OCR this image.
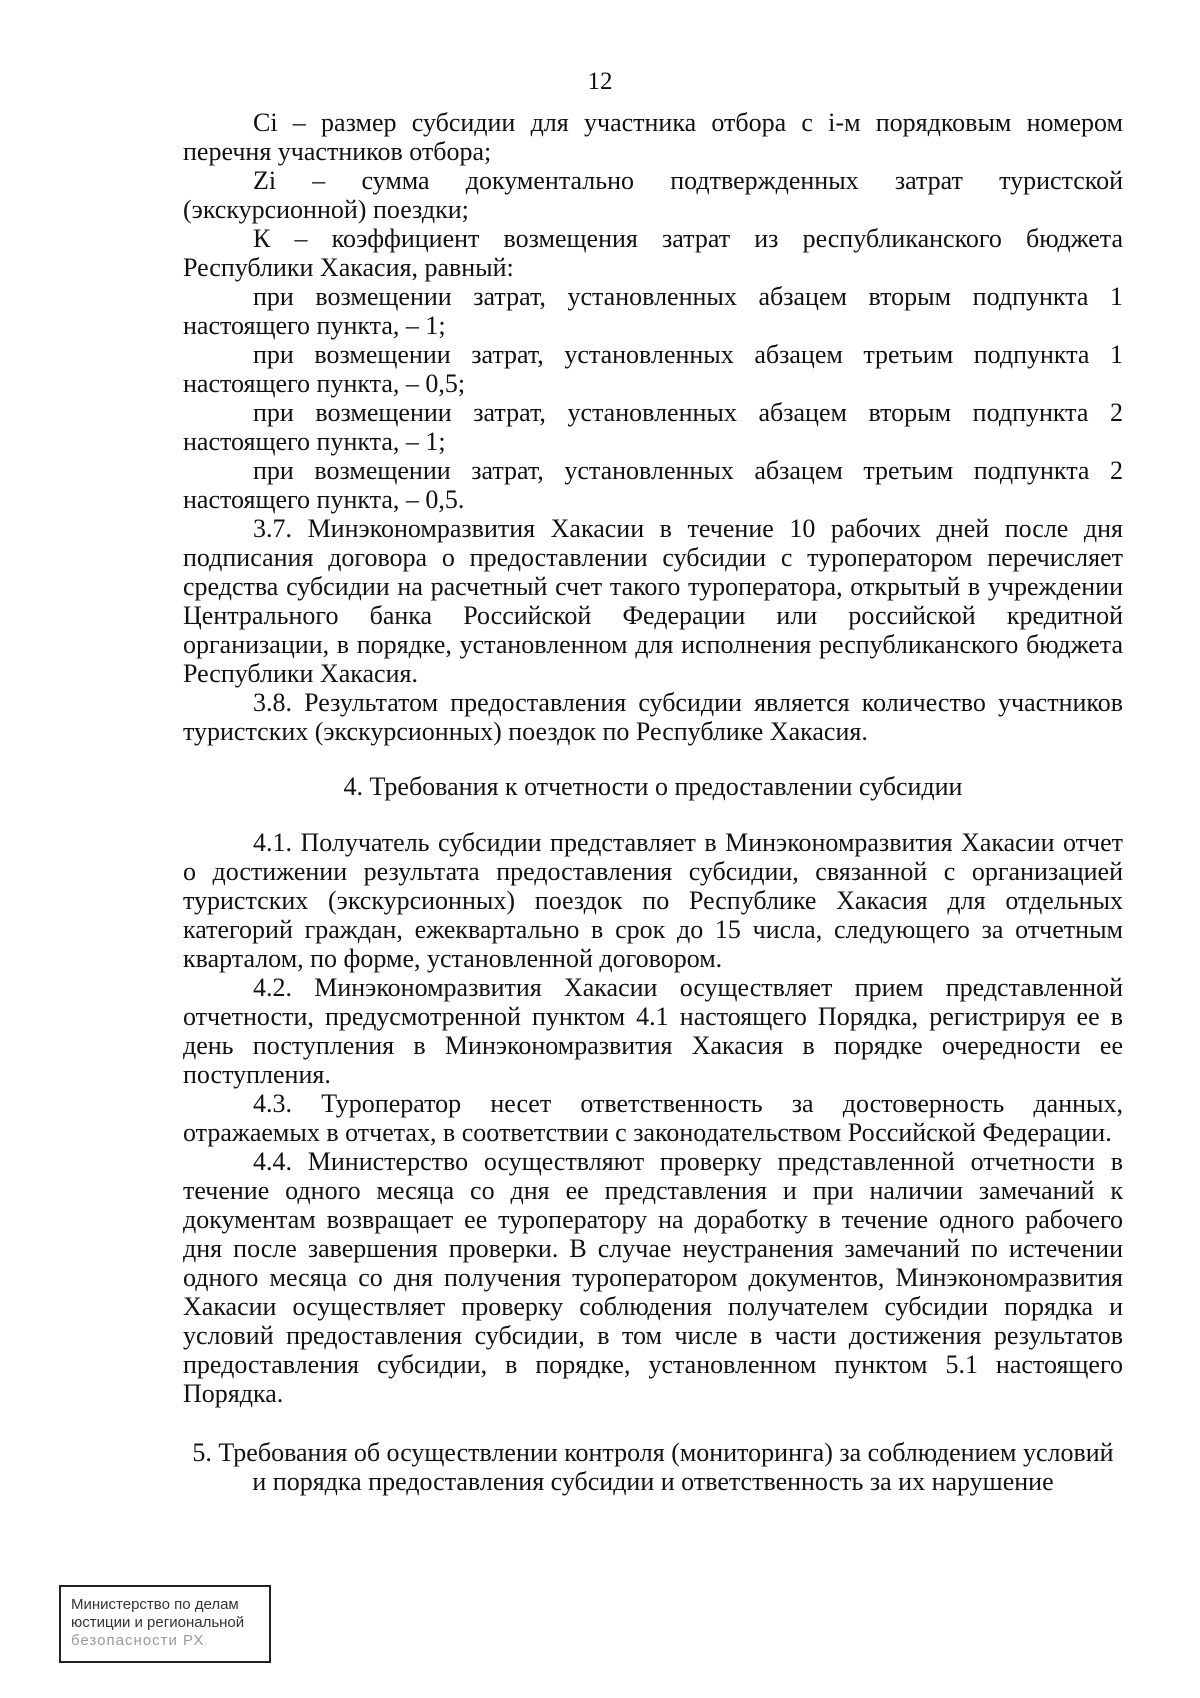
12

Ci – размер субсидии для участника отбора с i-м порядковым номером перечня участников отбора;

Zi – сумма документально подтвержденных затрат туристской (экскурсионной) поездки;

К – коэффициент возмещения затрат из республиканского бюджета Республики Хакасия, равный:

при возмещении затрат, установленных абзацем вторым подпункта 1 настоящего пункта, – 1;

при возмещении затрат, установленных абзацем третьим подпункта 1 настоящего пункта, – 0,5;

при возмещении затрат, установленных абзацем вторым подпункта 2 настоящего пункта, – 1;

при возмещении затрат, установленных абзацем третьим подпункта 2 настоящего пункта, – 0,5.

3.7. Минэкономразвития Хакасии в течение 10 рабочих дней после дня подписания договора о предоставлении субсидии с туроператором перечисляет средства субсидии на расчетный счет такого туроператора, открытый в учреждении Центрального банка Российской Федерации или российской кредитной организации, в порядке, установленном для исполнения республиканского бюджета Республики Хакасия.

3.8. Результатом предоставления субсидии является количество участников туристских (экскурсионных) поездок по Республике Хакасия.

4. Требования к отчетности о предоставлении субсидии

4.1. Получатель субсидии представляет в Минэкономразвития Хакасии отчет о достижении результата предоставления субсидии, связанной с организацией туристских (экскурсионных) поездок по Республике Хакасия для отдельных категорий граждан, ежеквартально в срок до 15 числа, следующего за отчетным кварталом, по форме, установленной договором.

4.2. Минэкономразвития Хакасии осуществляет прием представленной отчетности, предусмотренной пунктом 4.1 настоящего Порядка, регистрируя ее в день поступления в Минэкономразвития Хакасия в порядке очередности ее поступления.

4.3. Туроператор несет ответственность за достоверность данных, отражаемых в отчетах, в соответствии с законодательством Российской Федерации.

4.4. Министерство осуществляют проверку представленной отчетности в течение одного месяца со дня ее представления и при наличии замечаний к документам возвращает ее туроператору на доработку в течение одного рабочего дня после завершения проверки. В случае неустранения замечаний по истечении одного месяца со дня получения туроператором документов, Минэкономразвития Хакасии осуществляет проверку соблюдения получателем субсидии порядка и условий предоставления субсидии, в том числе в части достижения результатов предоставления субсидии, в порядке, установленном пунктом 5.1 настоящего Порядка.

5. Требования об осуществлении контроля (мониторинга) за соблюдением условий
и порядка предоставления субсидии и ответственность за их нарушение

Министерство по делам
юстиции и региональной
безопасности РХ
